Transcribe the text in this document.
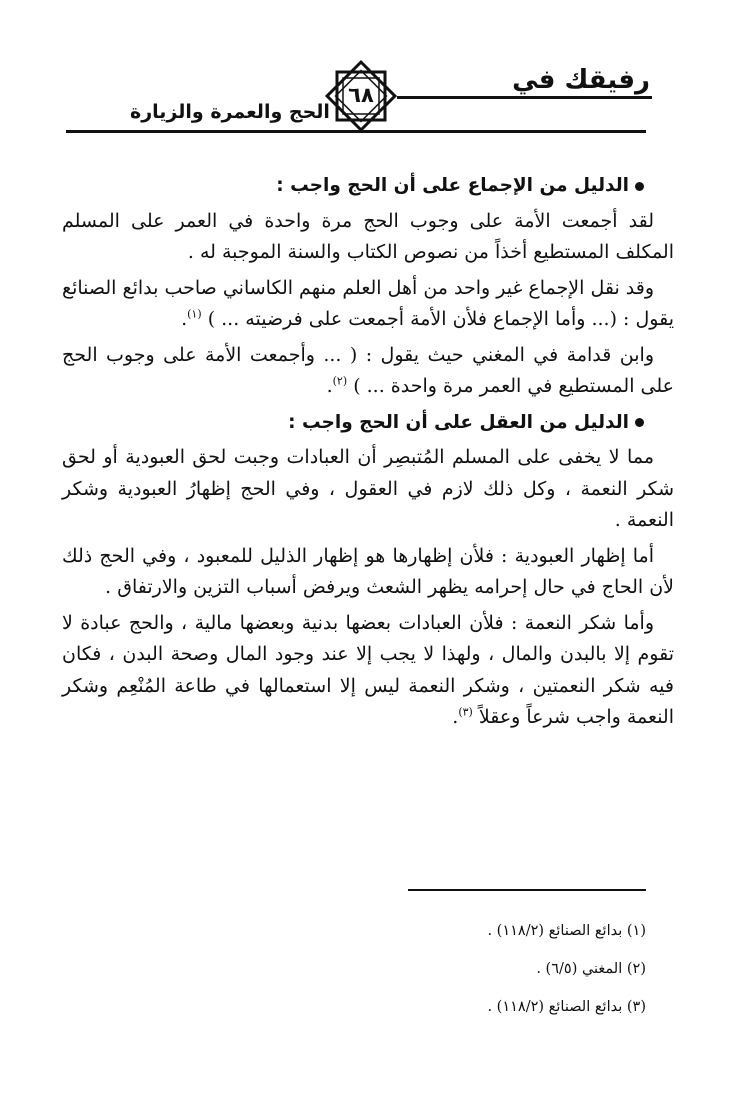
رفيقك في
٦٨
الحج والعمرة والزيارة

الدليل من الإجماع على أن الحج واجب :

لقد أجمعت الأمة على وجوب الحج مرة واحدة في العمر على المسلم المكلف المستطيع أخذاً من نصوص الكتاب والسنة الموجبة له .

وقد نقل الإجماع غير واحد من أهل العلم منهم الكاساني صاحب بدائع الصنائع يقول : (... وأما الإجماع فلأن الأمة أجمعت على فرضيته ... ) $^{(١)}$.

وابن قدامة في المغني حيث يقول : ( ... وأجمعت الأمة على وجوب الحج على المستطيع في العمر مرة واحدة ... ) $^{(٢)}$.

الدليل من العقل على أن الحج واجب :

مما لا يخفى على المسلم المُتبصِر أن العبادات وجبت لحق العبودية أو لحق شكر النعمة ، وكل ذلك لازم في العقول ، وفي الحج إظهارُ العبودية وشكر النعمة .

أما إظهار العبودية : فلأن إظهارها هو إظهار الذليل للمعبود ، وفي الحج ذلك لأن الحاج في حال إحرامه يظهر الشعث ويرفض أسباب التزين والارتفاق .

وأما شكر النعمة : فلأن العبادات بعضها بدنية وبعضها مالية ، والحج عبادة لا تقوم إلا بالبدن والمال ، ولهذا لا يجب إلا عند وجود المال وصحة البدن ، فكان فيه شكر النعمتين ، وشكر النعمة ليس إلا استعمالها في طاعة المُنْعِم وشكر النعمة واجب شرعاً وعقلاً $^{(٣)}$.

(١) بدائع الصنائع (١١٨/٢) .
(٢) المغني (٦/٥) .
(٣) بدائع الصنائع (١١٨/٢) .
